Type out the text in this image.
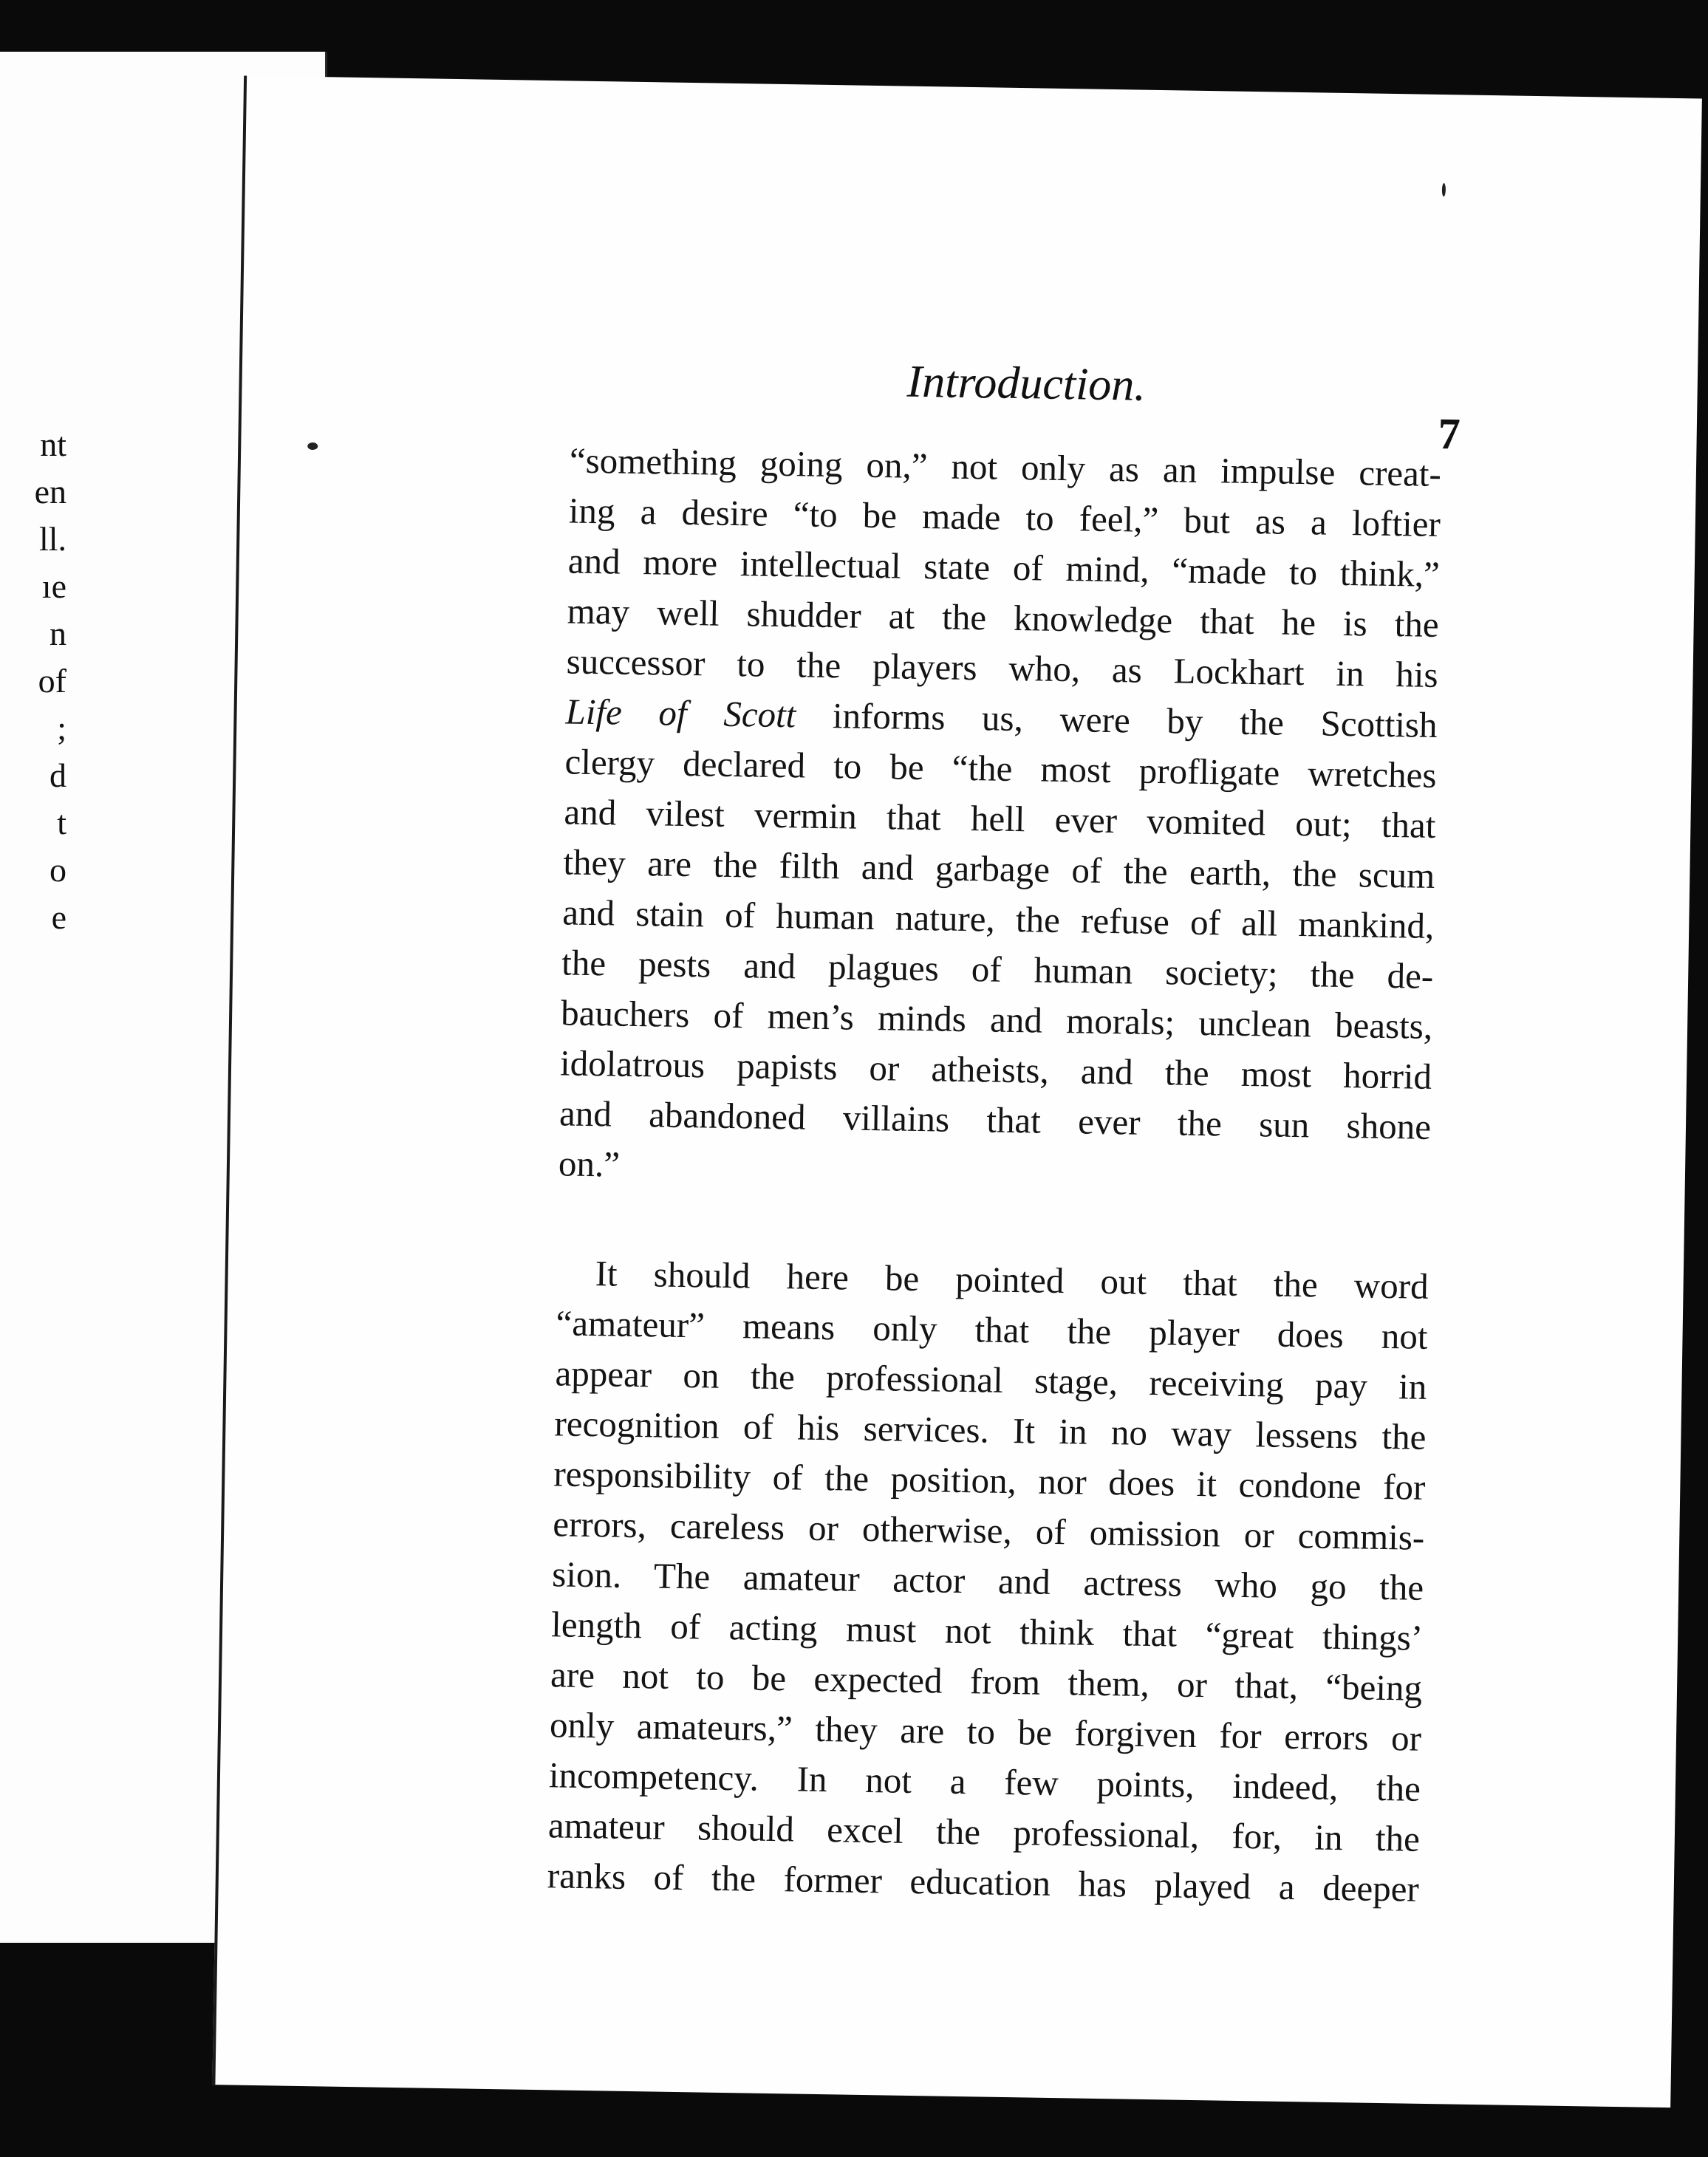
nt
en
ll.
ıe
n
of
;
d
t
o
e
Introduction.
7

“something going on,” not only as an impulse creat-
ing a desire “to be made to feel,” but as a loftier
and more intellectual state of mind, “made to think,”
may well shudder at the knowledge that he is the
successor to the players who, as Lockhart in his
Life of Scott informs us, were by the Scottish
clergy declared to be “the most profligate wretches
and vilest vermin that hell ever vomited out; that
they are the filth and garbage of the earth, the scum
and stain of human nature, the refuse of all mankind,
the pests and plagues of human society; the de-
bauchers of men’s minds and morals; unclean beasts,
idolatrous papists or atheists, and the most horrid
and abandoned villains that ever the sun shone
on.”

It should here be pointed out that the word
“amateur” means only that the player does not
appear on the professional stage, receiving pay in
recognition of his services. It in no way lessens the
responsibility of the position, nor does it condone for
errors, careless or otherwise, of omission or commis-
sion. The amateur actor and actress who go the
length of acting must not think that “great things’
are not to be expected from them, or that, “being
only amateurs,” they are to be forgiven for errors or
incompetency. In not a few points, indeed, the
amateur should excel the professional, for, in the
ranks of the former education has played a deeper
